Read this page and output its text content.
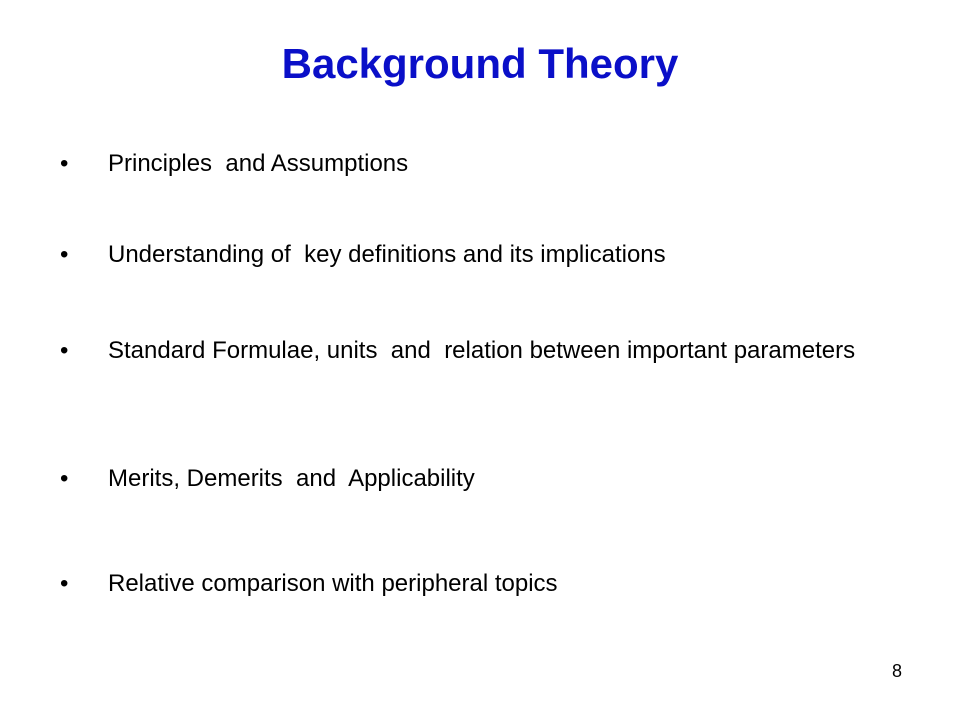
Background Theory
•	Principles  and Assumptions
•	Understanding of  key definitions and its implications
•	Standard Formulae, units  and  relation between important parameters
•	Merits, Demerits  and  Applicability
•	Relative comparison with peripheral topics
8
